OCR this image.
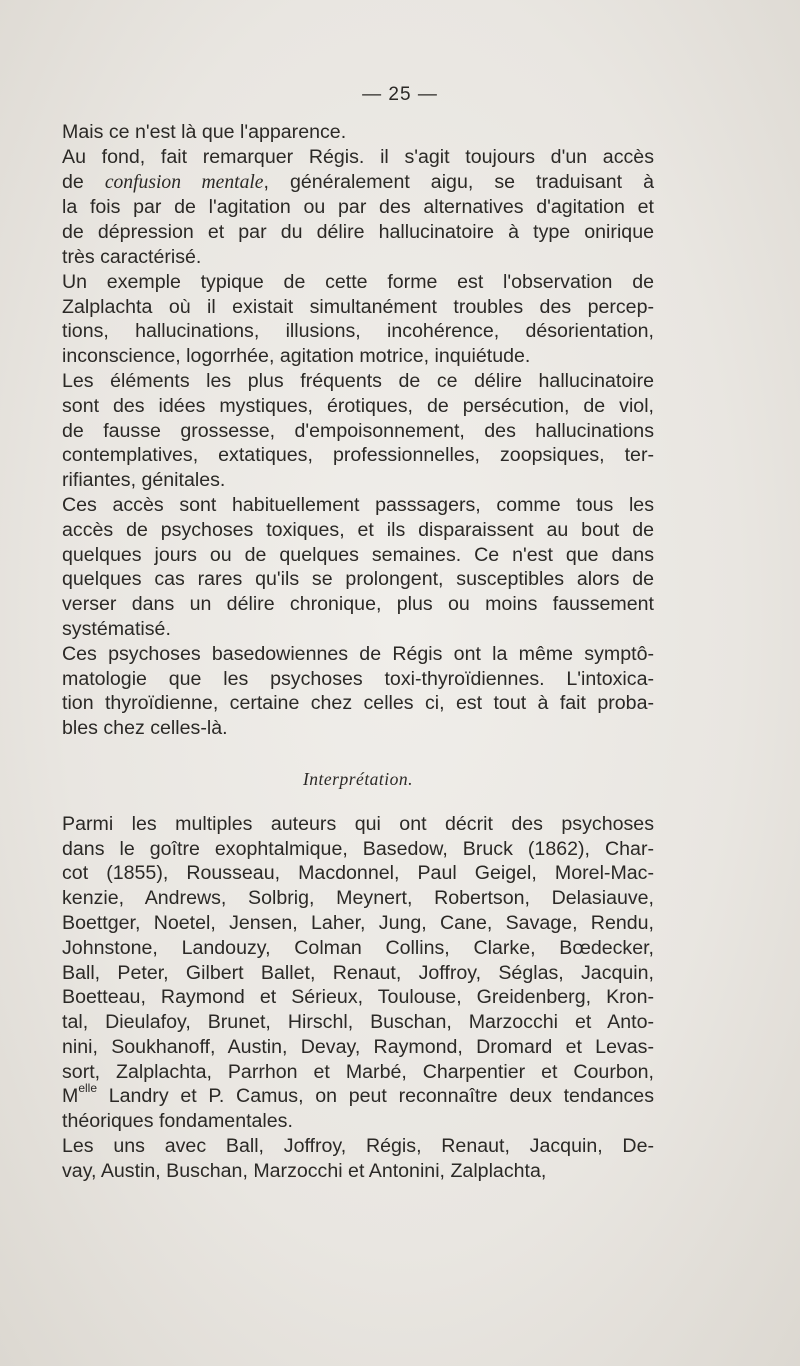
— 25 —
Mais ce n'est là que l'apparence.
Au fond, fait remarquer Régis. il s'agit toujours d'un accès
de confusion mentale, généralement aigu, se traduisant à
la fois par de l'agitation ou par des alternatives d'agitation et
de dépression et par du délire hallucinatoire à type onirique
très caractérisé.
Un exemple typique de cette forme est l'observation de
Zalplachta où il existait simultanément troubles des percep-
tions, hallucinations, illusions, incohérence, désorientation,
inconscience, logorrhée, agitation motrice, inquiétude.
Les éléments les plus fréquents de ce délire hallucinatoire
sont des idées mystiques, érotiques, de persécution, de viol,
de fausse grossesse, d'empoisonnement, des hallucinations
contemplatives, extatiques, professionnelles, zoopsiques, ter-
rifiantes, génitales.
Ces accès sont habituellement passsagers, comme tous les
accès de psychoses toxiques, et ils disparaissent au bout de
quelques jours ou de quelques semaines. Ce n'est que dans
quelques cas rares qu'ils se prolongent, susceptibles alors de
verser dans un délire chronique, plus ou moins faussement
systématisé.
Ces psychoses basedowiennes de Régis ont la même symptô-
matologie que les psychoses toxi-thyroïdiennes. L'intoxica-
tion thyroïdienne, certaine chez celles ci, est tout à fait proba-
bles chez celles-là.
Interprétation.
Parmi les multiples auteurs qui ont décrit des psychoses
dans le goître exophtalmique, Basedow, Bruck (1862), Char-
cot (1855), Rousseau, Macdonnel, Paul Geigel, Morel-Mac-
kenzie, Andrews, Solbrig, Meynert, Robertson, Delasiauve,
Boettger, Noetel, Jensen, Laher, Jung, Cane, Savage, Rendu,
Johnstone, Landouzy, Colman Collins, Clarke, Bœdecker,
Ball, Peter, Gilbert Ballet, Renaut, Joffroy, Séglas, Jacquin,
Boetteau, Raymond et Sérieux, Toulouse, Greidenberg, Kron-
tal, Dieulafoy, Brunet, Hirschl, Buschan, Marzocchi et Anto-
nini, Soukhanoff, Austin, Devay, Raymond, Dromard et Levas-
sort, Zalplachta, Parrhon et Marbé, Charpentier et Courbon,
$M^{elle}$ Landry et P. Camus, on peut reconnaître deux tendances
théoriques fondamentales.
Les uns avec Ball, Joffroy, Régis, Renaut, Jacquin, De-
vay, Austin, Buschan, Marzocchi et Antonini, Zalplachta,
